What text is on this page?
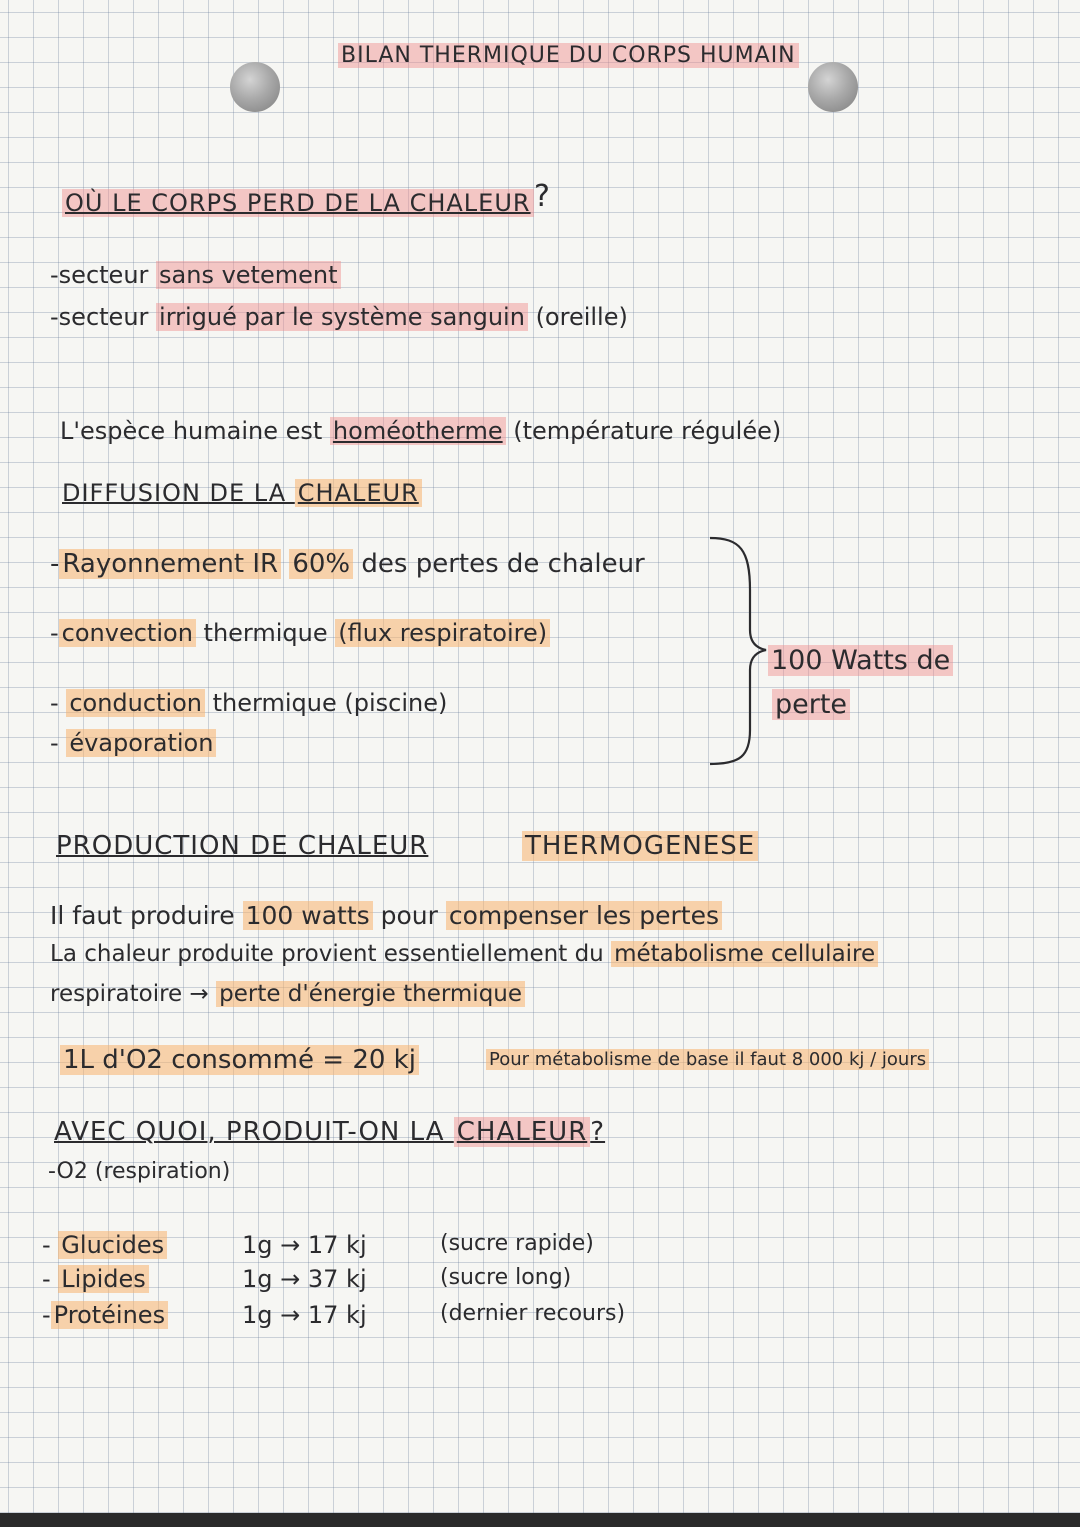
BILAN THERMIQUE DU CORPS HUMAIN
OÙ LE CORPS PERD DE LA CHALEUR ?
-secteur sans vetement
-secteur irrigué par le système sanguin (oreille)
L'espèce humaine est homéotherme (température régulée)
DIFFUSION DE LA CHALEUR
- Rayonnement IR 60% des pertes de chaleur
- convection thermique (flux respiratoire)
- conduction thermique (piscine)
- évaporation
100 Watts de
perte
PRODUCTION DE CHALEUR	THERMOGENESE
Il faut produire 100 watts pour compenser les pertes
La chaleur produite provient essentiellement du métabolisme cellulaire
respiratoire → perte d'énergie thermique
1L d'O2 consommé = 20 kj	Pour métabolisme de base il faut 8 000 kj / jours
AVEC QUOI, PRODUIT-ON LA CHALEUR ?
-O2 (respiration)
- Glucides	1g → 17 kj	(sucre rapide)
- Lipides	1g → 37 kj	(sucre long)
- Protéines	1g → 17 kj	(dernier recours)
